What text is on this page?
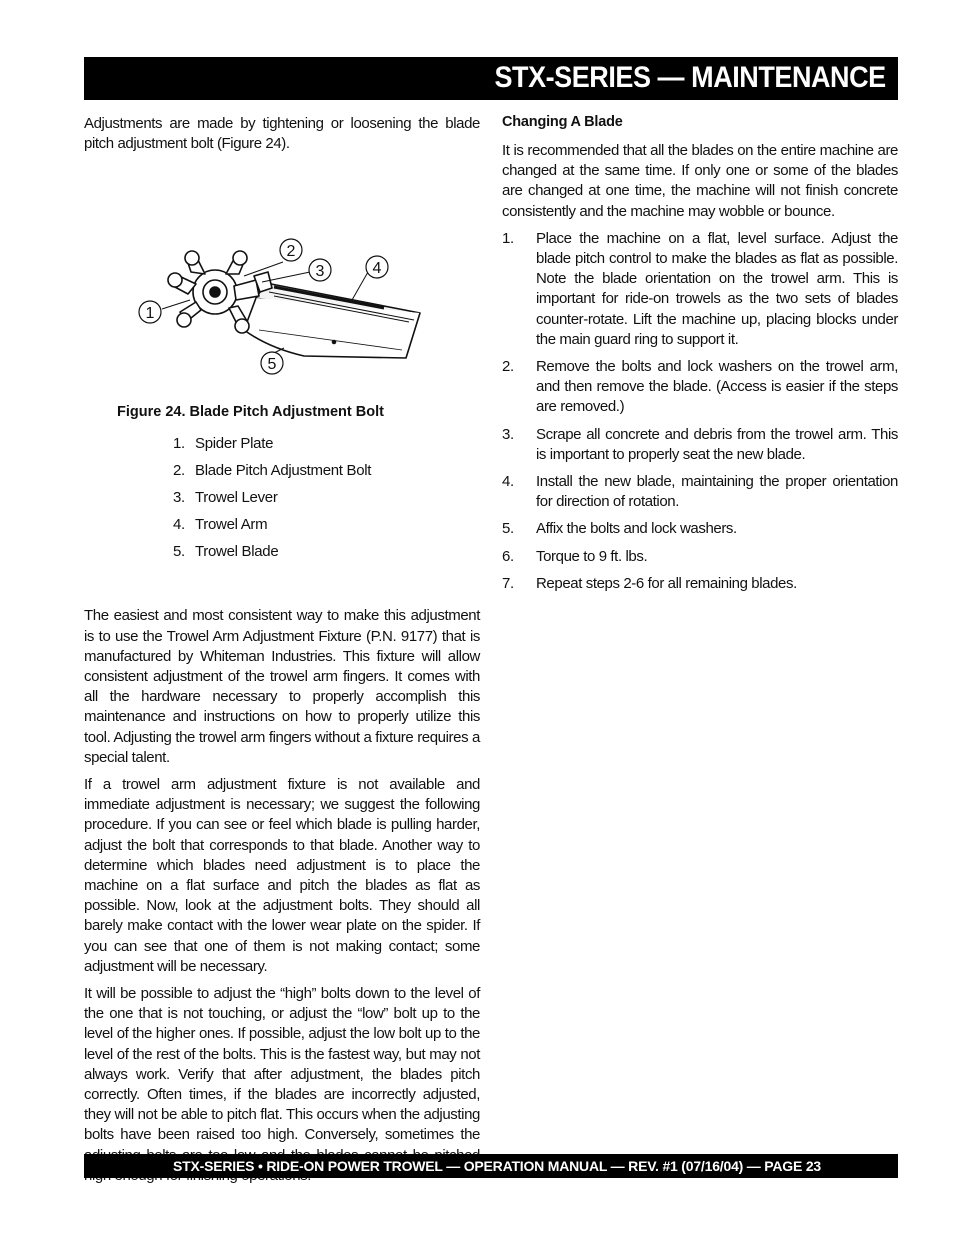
STX-SERIES — MAINTENANCE

Adjustments are made by tightening or loosening the blade pitch adjustment bolt (Figure 24).

1
2
3	4
5
Figure 24. Blade Pitch Adjustment Bolt
1. Spider Plate
2. Blade Pitch Adjustment Bolt
3. Trowel Lever
4. Trowel Arm
5. Trowel Blade

The easiest and most consistent way to make this adjustment is to use the Trowel Arm Adjustment Fixture (P.N. 9177) that is manufactured by Whiteman Industries. This fixture will allow consistent adjustment of the trowel arm fingers. It comes with all the hardware necessary to properly accomplish this maintenance and instructions on how to properly utilize this tool. Adjusting the trowel arm fingers without a fixture requires a special talent.

If a trowel arm adjustment fixture is not available and immediate adjustment is necessary; we suggest the following procedure. If you can see or feel which blade is pulling harder, adjust the bolt that corresponds to that blade. Another way to determine which blades need adjustment is to place the machine on a flat surface and pitch the blades as flat as possible. Now, look at the adjustment bolts. They should all barely make contact with the lower wear plate on the spider. If you can see that one of them is not making contact; some adjustment will be necessary.

It will be possible to adjust the “high” bolts down to the level of the one that is not touching, or adjust the “low” bolt up to the level of the higher ones. If possible, adjust the low bolt up to the level of the rest of the bolts. This is the fastest way, but may not always work. Verify that after adjustment, the blades pitch correctly. Often times, if the blades are incorrectly adjusted, they will not be able to pitch flat. This occurs when the adjusting bolts have been raised too high. Conversely, sometimes the

Changing A Blade

It is recommended that all the blades on the entire machine are changed at the same time. If only one or some of the blades are changed at one time, the machine will not finish concrete consistently and the machine may wobble or bounce.

1.	Place the machine on a flat, level surface. Adjust the blade pitch control to make the blades as flat as possible. Note the blade orientation on the trowel arm. This is important for ride-on trowels as the two sets of blades counter-rotate. Lift the machine up, placing blocks under the main guard ring to support it.
2.	Remove the bolts and lock washers on the trowel arm, and then remove the blade. (Access is easier if the steps are removed.)
3.	Scrape all concrete and debris from the trowel arm. This is important to properly seat the new blade.
4.	Install the new blade, maintaining the proper orientation for direction of rotation.
5.	Affix the bolts and lock washers.
6.	Torque to 9 ft. lbs.
7.	Repeat steps 2-6 for all remaining blades.
STX-SERIES • RIDE-ON POWER TROWEL — OPERATION MANUAL — REV. #1 (07/16/04) — PAGE 23
